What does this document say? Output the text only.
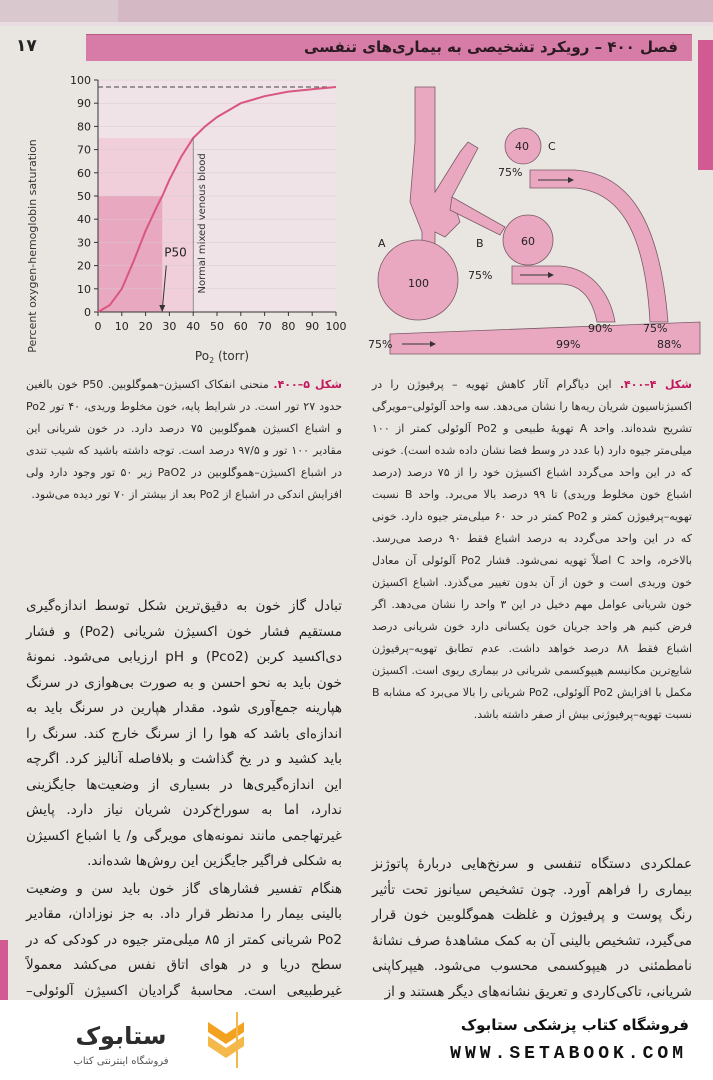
۱۷	فصل ۴۰۰ – رویکرد تشخیصی به بیماری‌های تنفسی
P50 Normal mixed venous blood
0 10 20 30 40 50 60 70 80 90 100
0
10
20
30
40
50
60
70
80
90
100
Percent oxygen-hemoglobin saturation
$Po_2$ (torr)
A	B
C
100
60
40
75%
75%
75%	99%
90%	75%
88%
شکل ۵–۴۰۰. منحنی انفکاک اکسیژن–هموگلوبین. P50 خون بالغین حدود ۲۷ تور است. در شرایط پایه، خون مخلوط وریدی، ۴۰ تور Po2 و اشباع اکسیژن هموگلوبین ۷۵ درصد دارد. در خون شریانی این مقادیر ۱۰۰ تور و ۹۷/۵ درصد است. توجه داشته باشید که شیب تندی در اشباع اکسیژن–هموگلوبین در PaO2 زیر ۵۰ تور وجود دارد ولی افزایش اندکی در اشباع از Po2 بعد از بیشتر از ۷۰ تور دیده می‌شود.
شکل ۴–۴۰۰. این دیاگرام آثار کاهش تهویه – پرفیوژن را در اکسیژناسیون شریان ریه‌ها را نشان می‌دهد. سه واحد آلوئولی–مویرگی تشریح شده‌اند. واحد A تهویهٔ طبیعی و Po2 آلوئولی کمتر از ۱۰۰ میلی‌متر جیوه دارد (با عدد در وسط فضا نشان داده شده است). خونی که در این واحد می‌گردد اشباع اکسیژن خود را از ۷۵ درصد (درصد اشباع خون مخلوط وریدی) تا ۹۹ درصد بالا می‌برد. واحد B نسبت تهویه–پرفیوژن کمتر و Po2 کمتر در حد ۶۰ میلی‌متر جیوه دارد. خونی که در این واحد می‌گردد به درصد اشباع فقط ۹۰ درصد می‌رسد. بالاخره، واحد C اصلاً تهویه نمی‌شود. فشار Po2 آلوئولی آن معادل خون وریدی است و خون از آن بدون تغییر می‌گذرد. اشباع اکسیژن خون شریانی عوامل مهم دخیل در این ۳ واحد را نشان می‌دهد. اگر فرض کنیم هر واحد جریان خون یکسانی دارد خون شریانی درصد اشباع فقط ۸۸ درصد خواهد داشت. عدم تطابق تهویه–پرفیوژن شایع‌ترین مکانیسم هیپوکسمی شریانی در بیماری ریوی است. اکسیژن مکمل با افزایش Po2 آلوئولی، Po2 شریانی را بالا می‌برد که مشابه B نسبت تهویه–پرفیوژنی بیش از صفر داشته باشد.

تبادل گاز خون به دقیق‌ترین شکل توسط اندازه‌گیری مستقیم فشار خون اکسیژن شریانی (Po2) و فشار دی‌اکسید کربن (Pco2) و pH ارزیابی می‌شود. نمونهٔ خون باید به نحو احسن و به صورت بی‌هوازی در سرنگ هپارینه جمع‌آوری شود. مقدار هپارین در سرنگ باید به اندازه‌ای باشد که هوا را از سرنگ خارج کند. سرنگ را باید کشید و در یخ گذاشت و بلافاصله آنالیز کرد. اگرچه این اندازه‌گیری‌ها در بسیاری از وضعیت‌ها جایگزینی ندارد، اما به سوراخ‌کردن شریان نیاز دارد. پایش غیرتهاجمی مانند نمونه‌های مویرگی و/ یا اشباع اکسیژن به شکلی فراگیر جایگزین این روش‌ها شده‌اند.

هنگام تفسیر فشارهای گاز خون باید سن و وضعیت بالینی بیمار را مدنظر قرار داد. به جز نوزادان، مقادیر Po2 شریانی کمتر از ۸۵ میلی‌متر جیوه در کودکی که در سطح دریا و در هوای اتاق نفس می‌کشد معمولاً غیرطبیعی است. محاسبهٔ گرادیان اکسیژن آلوئولی–

عملکردی دستگاه تنفسی و سرنخ‌هایی دربارهٔ پاتوژنز بیماری را فراهم آورد. چون تشخیص سیانوز تحت تأثیر رنگ پوست و پرفیوژن و غلظت هموگلوبین خون قرار می‌گیرد، تشخیص بالینی آن به کمک مشاهدهٔ صرف نشانهٔ نامطمئنی در هیپوکسمی محسوب می‌شود. هیپرکاپنی شریانی، تاکی‌کاردی و تعریق نشانه‌های دیگر هستند و از

ستابوک
فروشگاه اینترنتی کتاب
فروشگاه کتاب پزشکی ستابوک
WWW.SETABOOK.COM
